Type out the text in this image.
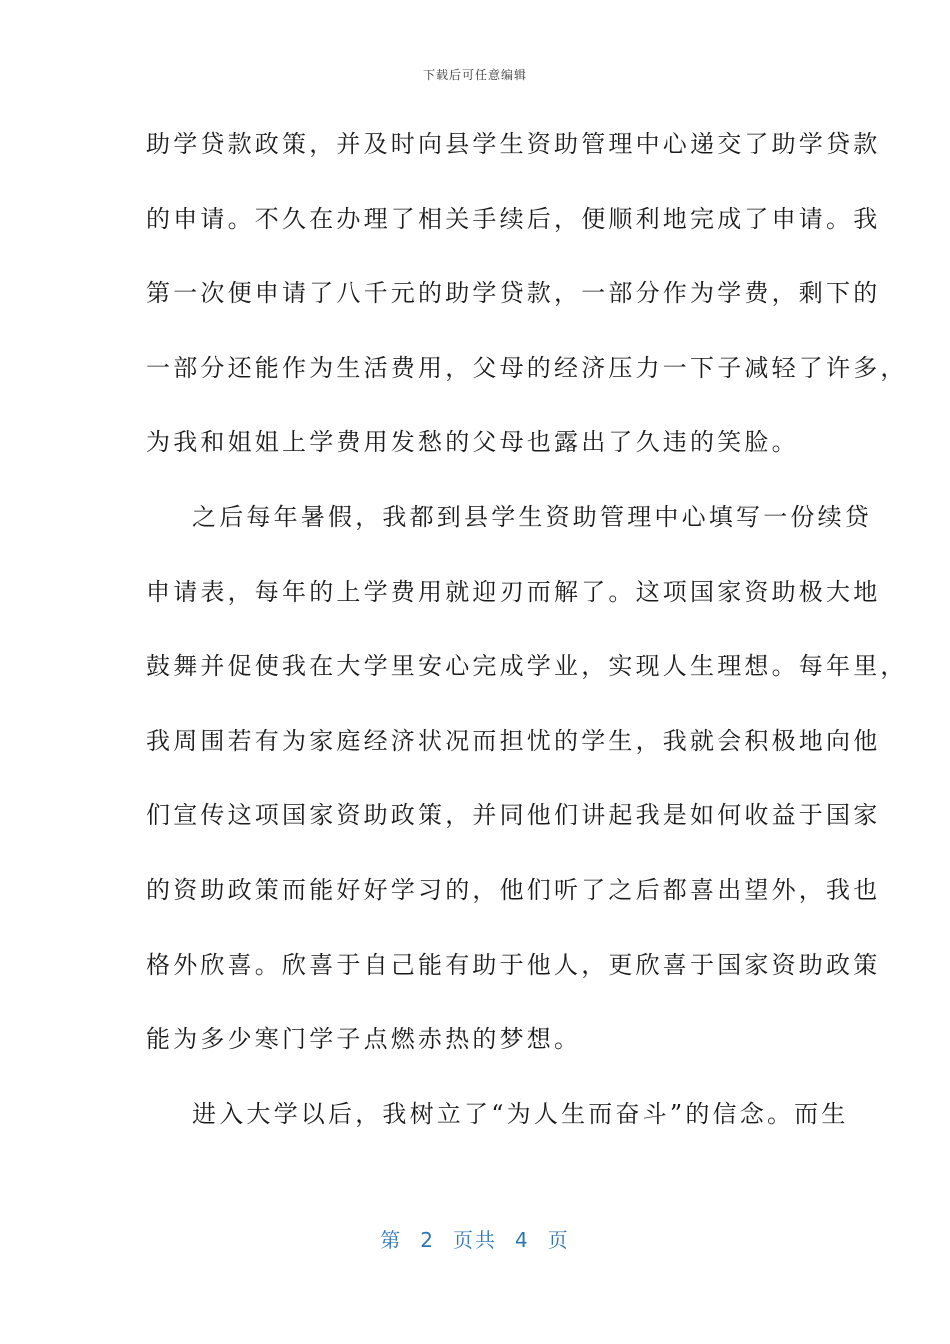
下载后可任意编辑
助学贷款政策，并及时向县学生资助管理中心递交了助学贷款
的申请。不久在办理了相关手续后，便顺利地完成了申请。我
第一次便申请了八千元的助学贷款，一部分作为学费，剩下的
一部分还能作为生活费用，父母的经济压力一下子减轻了许多，
为我和姐姐上学费用发愁的父母也露出了久违的笑脸。
之后每年暑假，我都到县学生资助管理中心填写一份续贷
申请表，每年的上学费用就迎刃而解了。这项国家资助极大地
鼓舞并促使我在大学里安心完成学业，实现人生理想。每年里，
我周围若有为家庭经济状况而担忧的学生，我就会积极地向他
们宣传这项国家资助政策，并同他们讲起我是如何收益于国家
的资助政策而能好好学习的，他们听了之后都喜出望外，我也
格外欣喜。欣喜于自己能有助于他人，更欣喜于国家资助政策
能为多少寒门学子点燃赤热的梦想。
进入大学以后，我树立了“为人生而奋斗”的信念。而生
第 2 页共 4 页
